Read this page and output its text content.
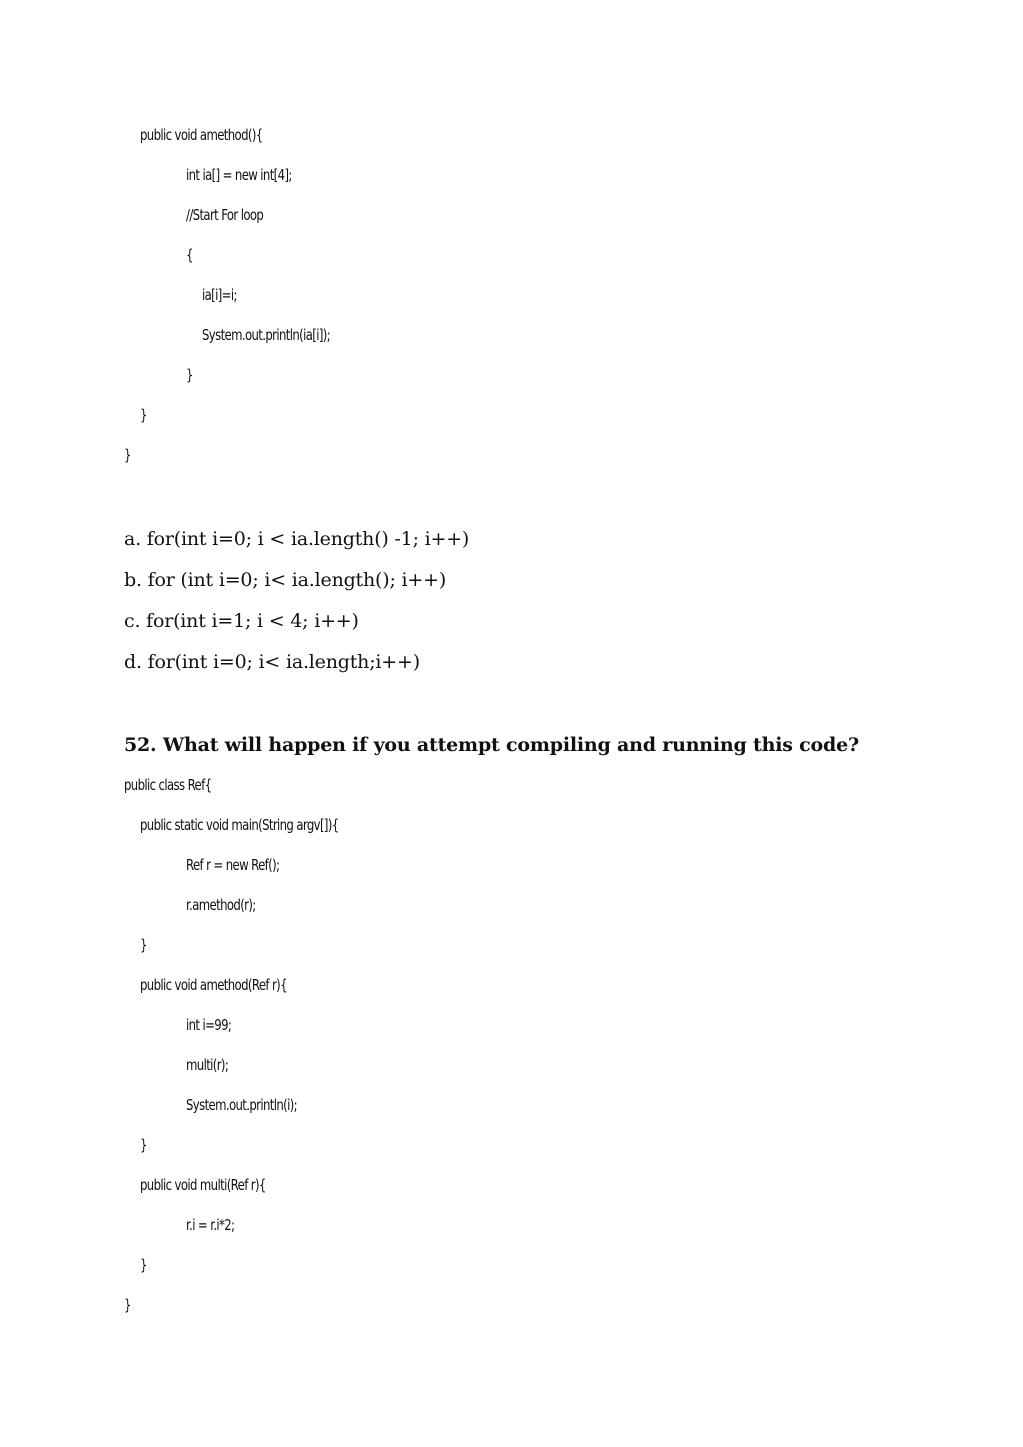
public void amethod(){
int ia[] = new int[4];
//Start For loop
{
ia[i]=i;
System.out.println(ia[i]);
}
}
}
a. for(int i=0; i < ia.length() -1; i++)
b. for (int i=0; i< ia.length(); i++)
c. for(int i=1; i < 4; i++)
d. for(int i=0; i< ia.length;i++)
52. What will happen if you attempt compiling and running this code?
public class Ref{
public static void main(String argv[]){
Ref r = new Ref();
r.amethod(r);
}
public void amethod(Ref r){
int i=99;
multi(r);
System.out.println(i);
}
public void multi(Ref r){
r.i = r.i*2;
}
}
